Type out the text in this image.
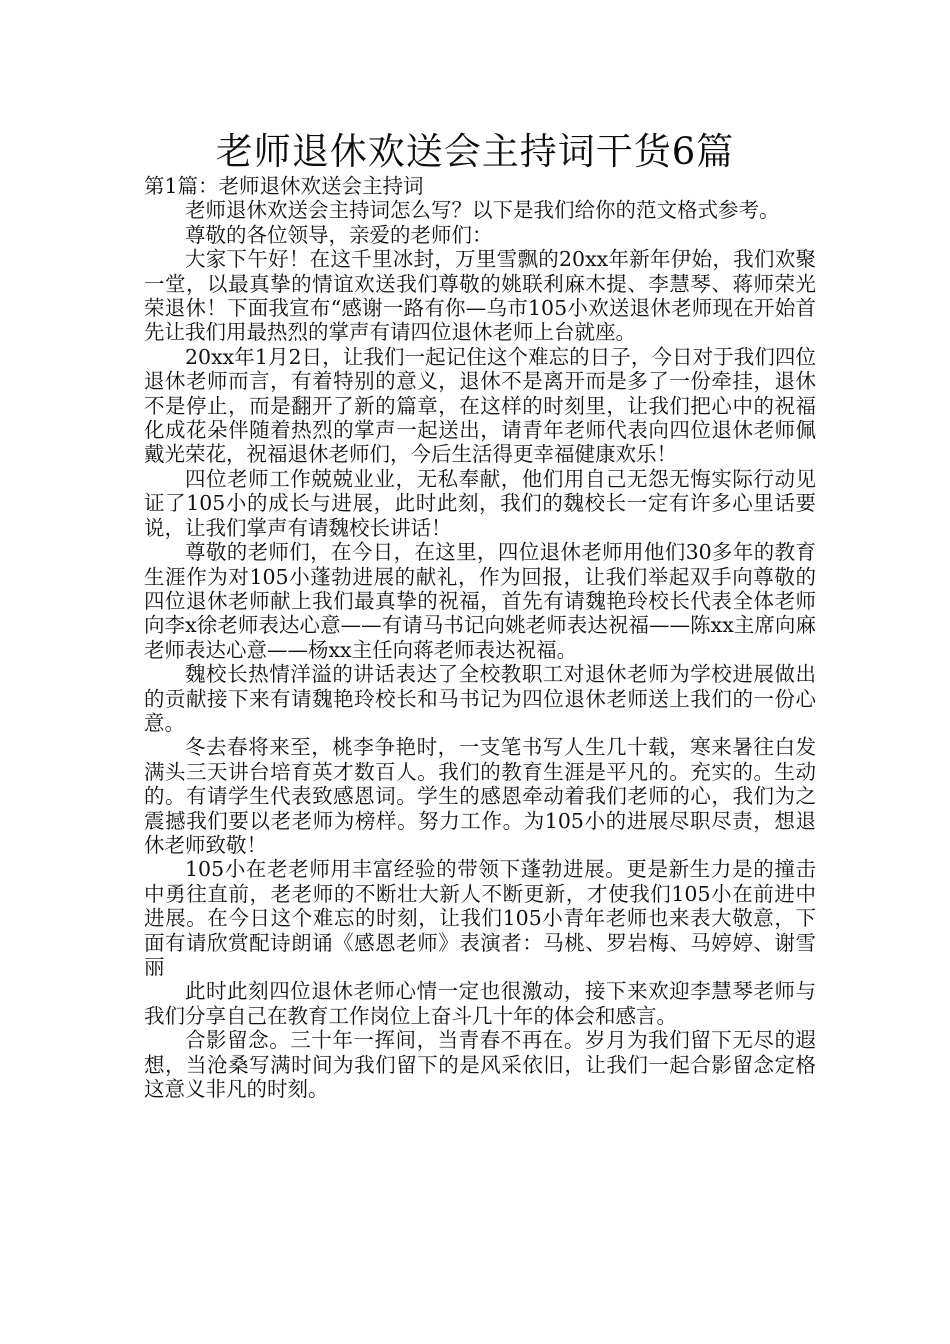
老师退休欢送会主持词干货6篇

第1篇：老师退休欢送会主持词

老师退休欢送会主持词怎么写？以下是我们给你的范文格式参考。

尊敬的各位领导，亲爱的老师们：

大家下午好！在这千里冰封，万里雪飘的20xx年新年伊始，我们欢聚一堂，以最真挚的情谊欢送我们尊敬的姚联利麻木提、李慧琴、蒋师荣光荣退休！下面我宣布“感谢一路有你—乌市105小欢送退休老师现在开始首先让我们用最热烈的掌声有请四位退休老师上台就座。

20xx年1月2日，让我们一起记住这个难忘的日子，今日对于我们四位退休老师而言，有着特别的意义，退休不是离开而是多了一份牵挂，退休不是停止，而是翻开了新的篇章，在这样的时刻里，让我们把心中的祝福化成花朵伴随着热烈的掌声一起送出，请青年老师代表向四位退休老师佩戴光荣花，祝福退休老师们，今后生活得更幸福健康欢乐！

四位老师工作兢兢业业，无私奉献，他们用自己无怨无悔实际行动见证了105小的成长与进展，此时此刻，我们的魏校长一定有许多心里话要说，让我们掌声有请魏校长讲话！

尊敬的老师们，在今日，在这里，四位退休老师用他们30多年的教育生涯作为对105小蓬勃进展的献礼，作为回报，让我们举起双手向尊敬的四位退休老师献上我们最真挚的祝福，首先有请魏艳玲校长代表全体老师向李x徐老师表达心意——有请马书记向姚老师表达祝福——陈xx主席向麻老师表达心意——杨xx主任向蒋老师表达祝福。

魏校长热情洋溢的讲话表达了全校教职工对退休老师为学校进展做出的贡献接下来有请魏艳玲校长和马书记为四位退休老师送上我们的一份心意。

冬去春将来至，桃李争艳时，一支笔书写人生几十载，寒来暑往白发满头三天讲台培育英才数百人。我们的教育生涯是平凡的。充实的。生动的。有请学生代表致感恩词。学生的感恩牵动着我们老师的心，我们为之震撼我们要以老老师为榜样。努力工作。为105小的进展尽职尽责，想退休老师致敬！

105小在老老师用丰富经验的带领下蓬勃进展。更是新生力是的撞击中勇往直前，老老师的不断壮大新人不断更新，才使我们105小在前进中进展。在今日这个难忘的时刻，让我们105小青年老师也来表大敬意，下面有请欣赏配诗朗诵《感恩老师》表演者：马桃、罗岩梅、马婷婷、谢雪丽

此时此刻四位退休老师心情一定也很激动，接下来欢迎李慧琴老师与我们分享自己在教育工作岗位上奋斗几十年的体会和感言。

合影留念。三十年一挥间，当青春不再在。岁月为我们留下无尽的遐想，当沧桑写满时间为我们留下的是风采依旧，让我们一起合影留念定格这意义非凡的时刻。
